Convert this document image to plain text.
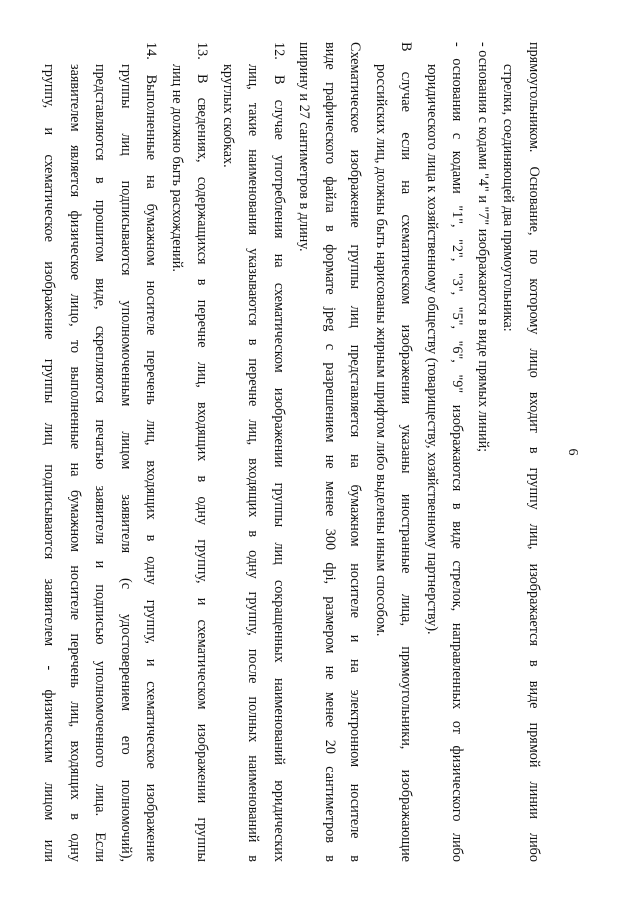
6
прямоугольником. Основание, по которому лицо входит в группу лиц, изображается в виде прямой линии либо
стрелки, соединяющей два прямоугольника:
- основания с кодами "4" и "7" изображаются в виде прямых линий;
- основания с кодами "1", "2", "3", "5", "6", "9" изображаются в виде стрелок, направленных от физического либо
юридического лица к хозяйственному обществу (товариществу, хозяйственному партнерству).
В случае если на схематическом изображении указаны иностранные лица, прямоугольники, изображающие
российских лиц, должны быть нарисованы жирным шрифтом либо выделены иным способом.
Схематическое изображение группы лиц представляется на бумажном носителе и на электронном носителе в
виде графического файла в формате jpeg с разрешением не менее 300 dpi, размером не менее 20 сантиметров в
ширину и 27 сантиметров в длину.
12. В случае употребления на схематическом изображении группы лиц сокращенных наименований юридических
лиц, такие наименования указываются в перечне лиц, входящих в одну группу, после полных наименований в
круглых скобках.
13. В сведениях, содержащихся в перечне лиц, входящих в одну группу, и схематическом изображении группы
лиц не должно быть расхождений.
14. Выполненные на бумажном носителе перечень лиц, входящих в одну группу, и схематическое изображение
группы лиц подписываются уполномоченным лицом заявителя (с удостоверением его полномочий),
представляются в прошитом виде, скрепляются печатью заявителя и подписью уполномоченного лица. Если
заявителем является физическое лицо, то выполненные на бумажном носителе перечень лиц, входящих в одну
группу, и схематическое изображение группы лиц подписываются заявителем - физическим лицом или
